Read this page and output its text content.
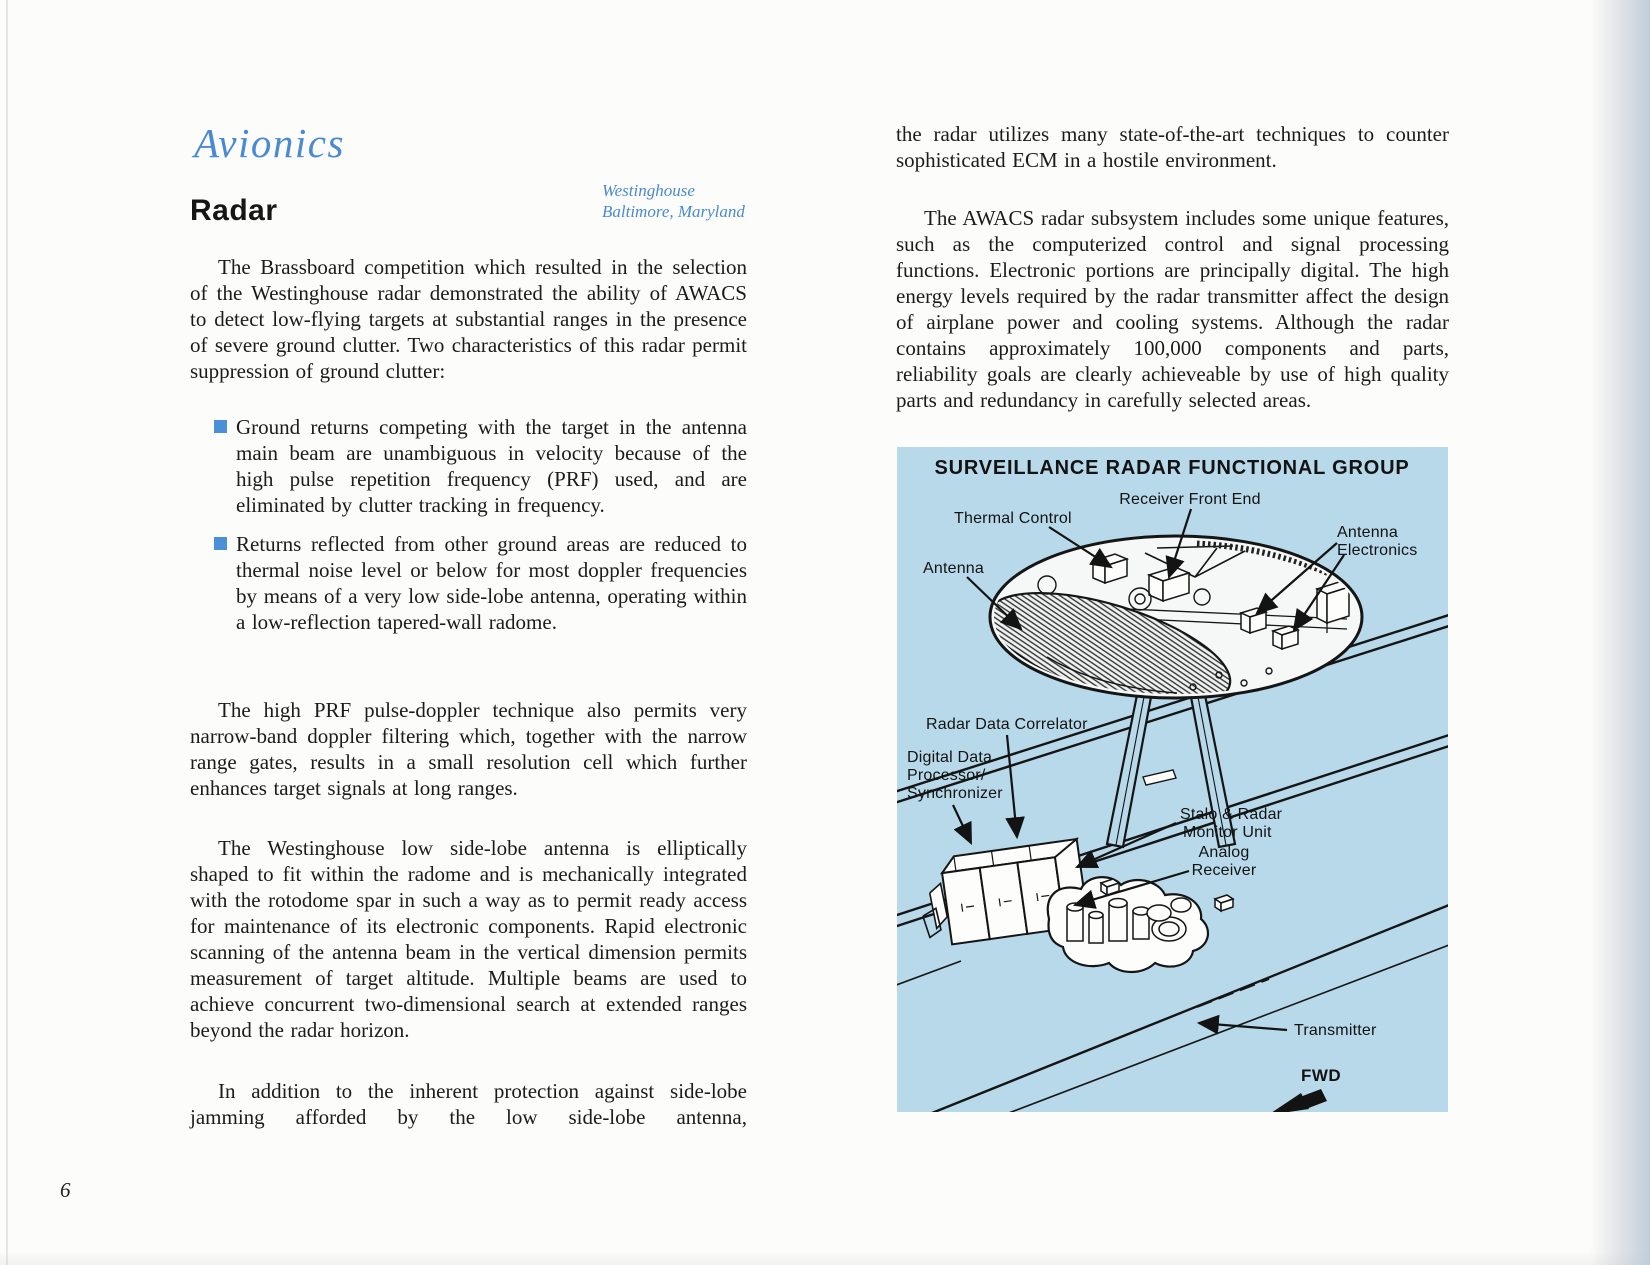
Avionics
Radar
Westinghouse
Baltimore, Maryland

The Brassboard competition which resulted in the selection of the Westinghouse radar demonstrated the ability of AWACS to detect low-flying targets at substantial ranges in the presence of severe ground clutter. Two characteristics of this radar permit suppression of ground clutter:

Ground returns competing with the target in the antenna main beam are unambiguous in velocity because of the high pulse repetition frequency (PRF) used, and are eliminated by clutter tracking in frequency.
Returns reflected from other ground areas are reduced to thermal noise level or below for most doppler frequencies by means of a very low side-lobe antenna, operating within a low-reflection tapered-wall radome.

The high PRF pulse-doppler technique also permits very narrow-band doppler filtering which, together with the narrow range gates, results in a small resolution cell which further enhances target signals at long ranges.

The Westinghouse low side-lobe antenna is elliptically shaped to fit within the radome and is mechanically integrated with the rotodome spar in such a way as to permit ready access for maintenance of its electronic components. Rapid electronic scanning of the antenna beam in the vertical dimension permits measurement of target altitude. Multiple beams are used to achieve concurrent two-dimensional search at extended ranges beyond the radar horizon.

In addition to the inherent protection against side-lobe jamming afforded by the low side-lobe antenna,

the radar utilizes many state-of-the-art techniques to counter sophisticated ECM in a hostile environment.

The AWACS radar subsystem includes some unique features, such as the computerized control and signal processing functions. Electronic portions are principally digital. The high energy levels required by the radar transmitter affect the design of airplane power and cooling systems. Although the radar contains approximately 100,000 components and parts, reliability goals are clearly achieveable by use of high quality parts and redundancy in carefully selected areas.

SURVEILLANCE RADAR FUNCTIONAL GROUP
Thermal Control
Receiver Front End
Antenna
Electronics
Antenna
Radar Data Correlator
Digital Data
Processor/
Synchronizer
Stalo & Radar
Monitor Unit
Analog
Receiver
Transmitter
FWD
6
